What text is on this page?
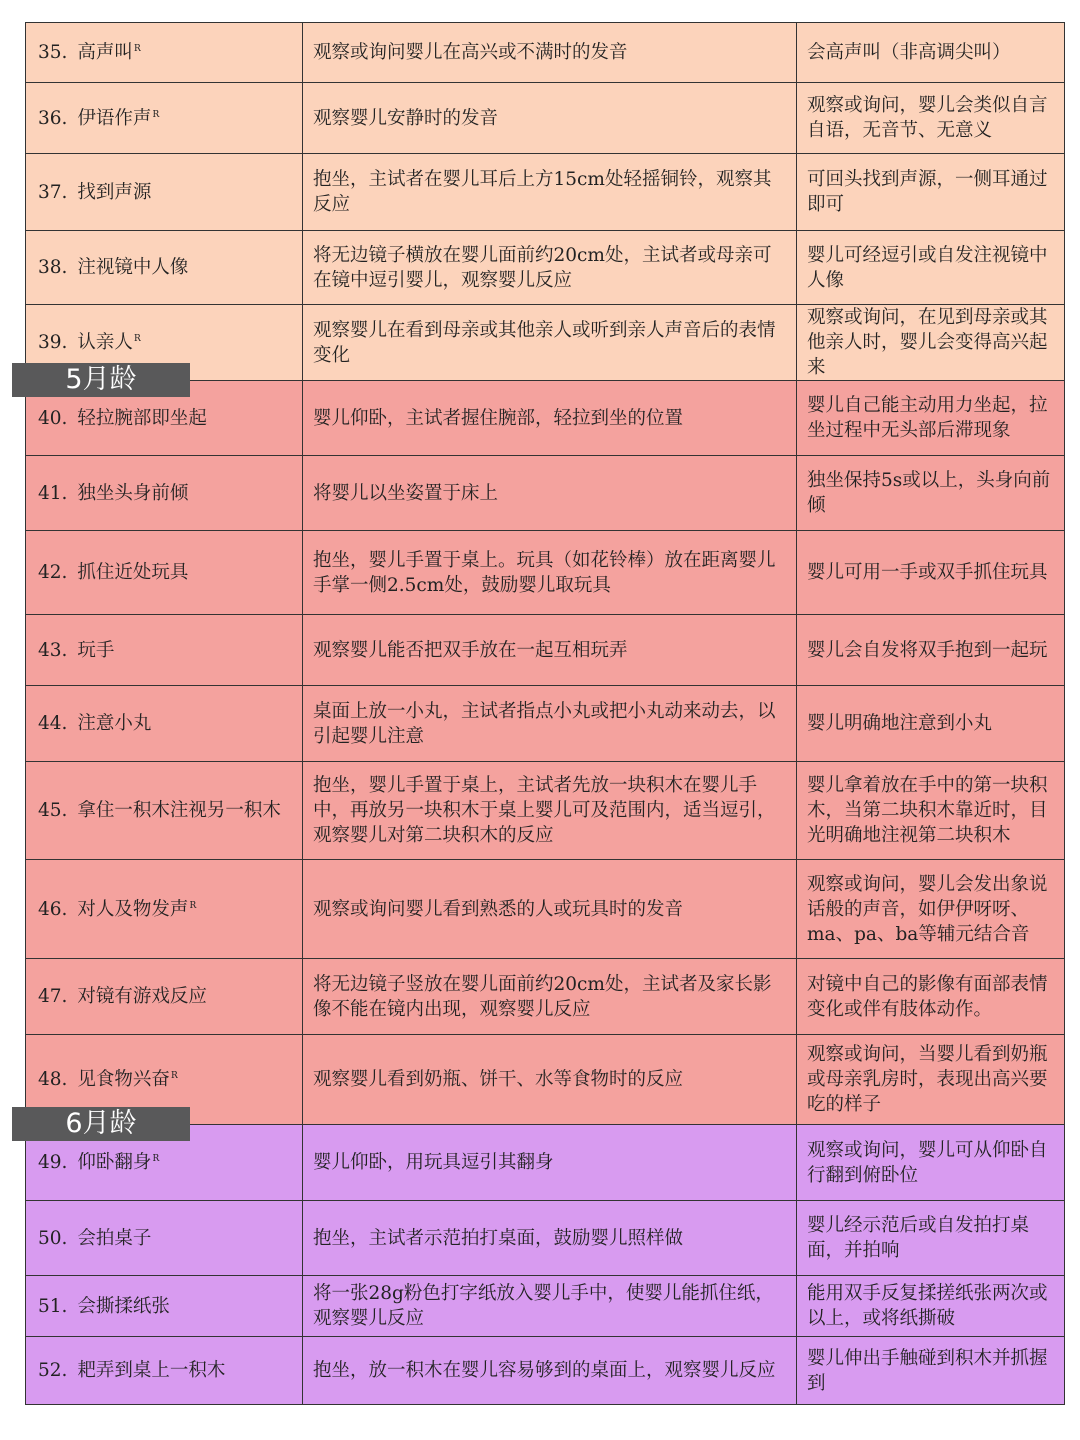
35. 高声叫$^R$	观察或询问婴儿在高兴或不满时的发音	会高声叫（非高调尖叫）
36. 伊语作声$^R$	观察婴儿安静时的发音	观察或询问，婴儿会类似自言自语，无音节、无意义
37. 找到声源	抱坐，主试者在婴儿耳后上方15cm处轻摇铜铃，观察其反应	可回头找到声源，一侧耳通过即可
38. 注视镜中人像	将无边镜子横放在婴儿面前约20cm处，主试者或母亲可在镜中逗引婴儿，观察婴儿反应	婴儿可经逗引或自发注视镜中人像
39. 认亲人$^R$	观察婴儿在看到母亲或其他亲人或听到亲人声音后的表情变化	观察或询问，在见到母亲或其他亲人时，婴儿会变得高兴起来
40. 轻拉腕部即坐起	婴儿仰卧，主试者握住腕部，轻拉到坐的位置	婴儿自己能主动用力坐起，拉坐过程中无头部后滞现象
41. 独坐头身前倾	将婴儿以坐姿置于床上	独坐保持5s或以上，头身向前倾
42. 抓住近处玩具	抱坐，婴儿手置于桌上。玩具（如花铃棒）放在距离婴儿手掌一侧2.5cm处，鼓励婴儿取玩具	婴儿可用一手或双手抓住玩具
43. 玩手	观察婴儿能否把双手放在一起互相玩弄	婴儿会自发将双手抱到一起玩
44. 注意小丸	桌面上放一小丸，主试者指点小丸或把小丸动来动去，以引起婴儿注意	婴儿明确地注意到小丸
45. 拿住一积木注视另一积木	抱坐，婴儿手置于桌上，主试者先放一块积木在婴儿手中，再放另一块积木于桌上婴儿可及范围内，适当逗引，观察婴儿对第二块积木的反应	婴儿拿着放在手中的第一块积木，当第二块积木靠近时，目光明确地注视第二块积木
46. 对人及物发声$^R$	观察或询问婴儿看到熟悉的人或玩具时的发音	观察或询问，婴儿会发出象说话般的声音，如伊伊呀呀、ma、pa、ba等辅元结合音
47. 对镜有游戏反应	将无边镜子竖放在婴儿面前约20cm处，主试者及家长影像不能在镜内出现，观察婴儿反应	对镜中自己的影像有面部表情变化或伴有肢体动作。
48. 见食物兴奋$^R$	观察婴儿看到奶瓶、饼干、水等食物时的反应	观察或询问，当婴儿看到奶瓶或母亲乳房时，表现出高兴要吃的样子
49. 仰卧翻身$^R$	婴儿仰卧，用玩具逗引其翻身	观察或询问，婴儿可从仰卧自行翻到俯卧位
50. 会拍桌子	抱坐，主试者示范拍打桌面，鼓励婴儿照样做	婴儿经示范后或自发拍打桌面，并拍响
51. 会撕揉纸张	将一张28g粉色打字纸放入婴儿手中，使婴儿能抓住纸，观察婴儿反应	能用双手反复揉搓纸张两次或以上，或将纸撕破
52. 耙弄到桌上一积木	抱坐，放一积木在婴儿容易够到的桌面上，观察婴儿反应	婴儿伸出手触碰到积木并抓握到
5月龄
6月龄
